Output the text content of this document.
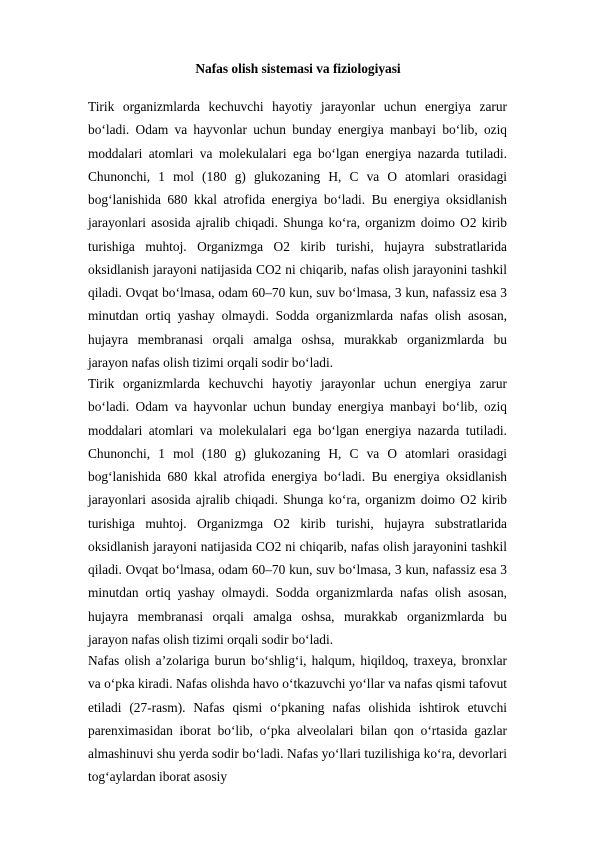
Nafas olish sistemasi va fiziologiyasi

Tirik organizmlarda kechuvchi hayotiy jarayonlar uchun energiya zarur bo‘ladi. Odam va hayvonlar uchun bunday energiya manbayi bo‘lib, oziq moddalari atomlari va molekulalari ega bo‘lgan energiya nazarda tutiladi. Chunonchi, 1 mol (180 g) glukozaning H, C va O atomlari orasidagi bog‘lanishida 680 kkal atrofida energiya bo‘ladi. Bu energiya oksidlanish jarayonlari asosida ajralib chiqadi. Shunga ko‘ra, organizm doimo O2 kirib turishiga muhtoj. Organizmga O2 kirib turishi, hujayra substratlarida oksidlanish jarayoni natijasida CO2 ni chiqarib, nafas olish jarayonini tashkil qiladi. Ovqat bo‘lmasa, odam 60–70 kun, suv bo‘lmasa, 3 kun, nafassiz esa 3 minutdan ortiq yashay olmaydi. Sodda organizmlarda nafas olish asosan, hujayra membranasi orqali amalga oshsa, murakkab organizmlarda bu jarayon nafas olish tizimi orqali sodir bo‘ladi.

Tirik organizmlarda kechuvchi hayotiy jarayonlar uchun energiya zarur bo‘ladi. Odam va hayvonlar uchun bunday energiya manbayi bo‘lib, oziq moddalari atomlari va molekulalari ega bo‘lgan energiya nazarda tutiladi. Chunonchi, 1 mol (180 g) glukozaning H, C va O atomlari orasidagi bog‘lanishida 680 kkal atrofida energiya bo‘ladi. Bu energiya oksidlanish jarayonlari asosida ajralib chiqadi. Shunga ko‘ra, organizm doimo O2 kirib turishiga muhtoj. Organizmga O2 kirib turishi, hujayra substratlarida oksidlanish jarayoni natijasida CO2 ni chiqarib, nafas olish jarayonini tashkil qiladi. Ovqat bo‘lmasa, odam 60–70 kun, suv bo‘lmasa, 3 kun, nafassiz esa 3 minutdan ortiq yashay olmaydi. Sodda organizmlarda nafas olish asosan, hujayra membranasi orqali amalga oshsa, murakkab organizmlarda bu jarayon nafas olish tizimi orqali sodir bo‘ladi.

Nafas olish a’zolariga burun bo‘shlig‘i, halqum, hiqildoq, traxeya, bronxlar va o‘pka kiradi. Nafas olishda havo o‘tkazuvchi yo‘llar va nafas qismi tafovut etiladi (27-rasm). Nafas qismi o‘pkaning nafas olishida ishtirok etuvchi parenximasidan iborat bo‘lib, o‘pka alveolalari bilan qon o‘rtasida gazlar almashinuvi shu yerda sodir bo‘ladi. Nafas yo‘llari tuzilishiga ko‘ra, devorlari tog‘aylardan iborat asosiy
